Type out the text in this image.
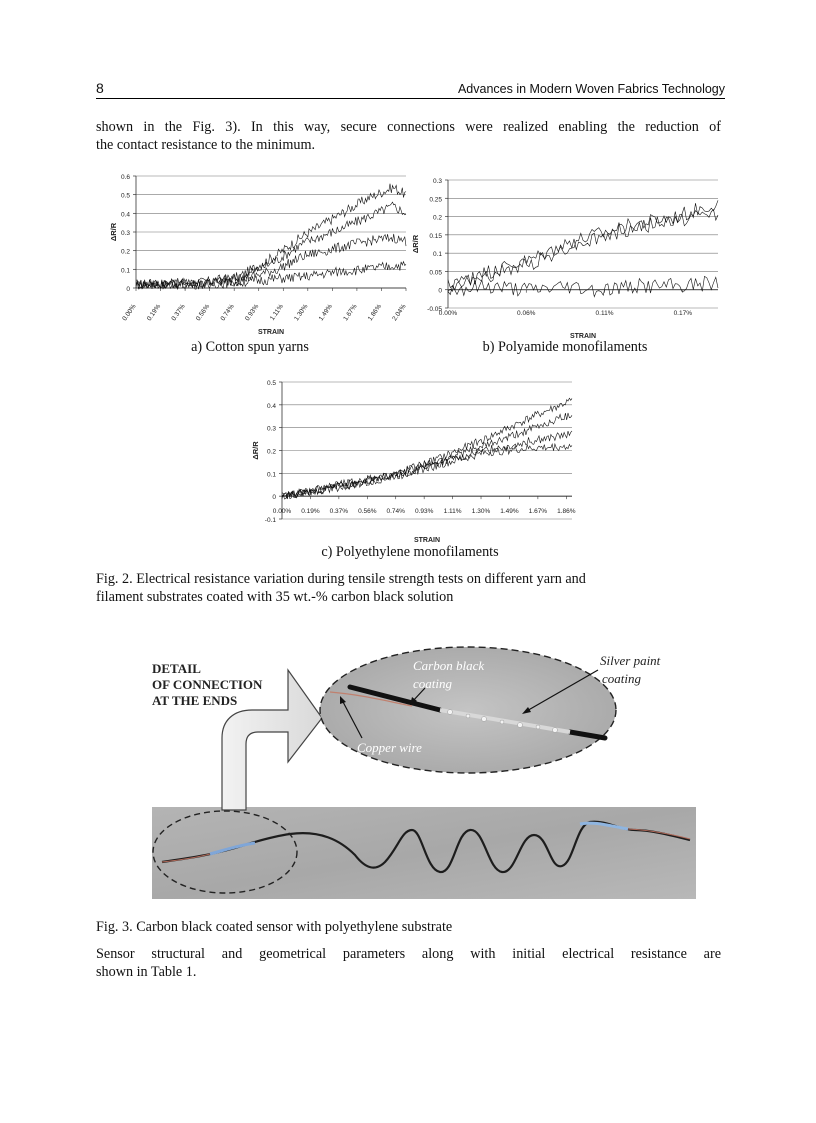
8	Advances in Modern Woven Fabrics Technology
shown in the Fig. 3). In this way, secure connections were realized enabling the reduction of
the contact resistance to the minimum.
0
0.1
0.2
0.3
0.4
0.5
0.6
0.00% 0.19% 0.37% 0.56% 0.74% 0.93% 1.11% 1.30% 1.49% 1.67% 1.86% 2.04%
STRAIN
ΔR/R
a) Cotton spun yarns
-0.05
0
0.05
0.1
0.15
0.2
0.25
0.3
0.00%	0.06%	0.11%	0.17%
STRAIN
ΔR/R
b) Polyamide monofilaments
-0.1
0
0.1
0.2
0.3
0.4
0.5
0.00% 0.19% 0.37% 0.56% 0.74% 0.93% 1.11% 1.30% 1.49% 1.67% 1.86%
STRAIN
ΔR/R
c) Polyethylene monofilaments
Fig. 2. Electrical resistance variation during tensile strength tests on different yarn and
filament substrates coated with 35 wt.-% carbon black solution
DETAIL
OF CONNECTION
AT THE ENDS
Carbon black
coating
Copper wire
Silver paint
coating
Fig. 3. Carbon black coated sensor with polyethylene substrate
Sensor structural and geometrical parameters along with initial electrical resistance are
shown in Table 1.
